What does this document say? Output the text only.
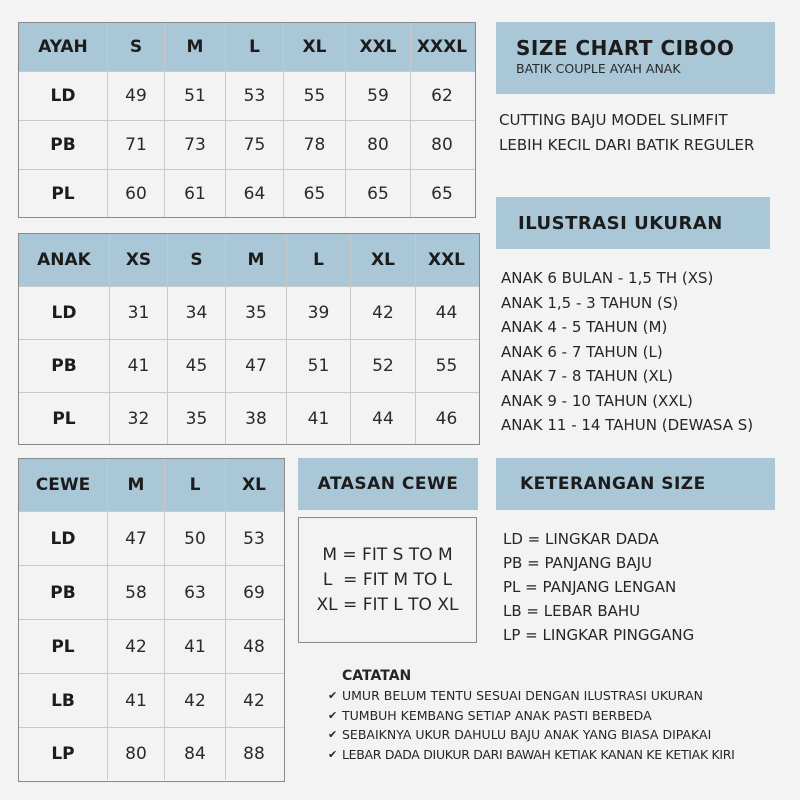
AYAH	S	M	L	XL	XXL	XXXL
LD	49	51	53	55	59	62
PB	71	73	75	78	80	80
PL	60	61	64	65	65	65
ANAK	XS	S	M	L	XL	XXL
LD	31	34	35	39	42	44
PB	41	45	47	51	52	55
PL	32	35	38	41	44	46
CEWE	M	L	XL
LD	47	50	53
PB	58	63	69
PL	42	41	48
LB	41	42	42
LP	80	84	88
SIZE CHART CIBOO
BATIK COUPLE AYAH ANAK
CUTTING BAJU MODEL SLIMFIT
LEBIH KECIL DARI BATIK REGULER
ILUSTRASI UKURAN
ANAK 6 BULAN - 1,5 TH (XS)
ANAK 1,5 - 3 TAHUN (S)
ANAK 4 - 5 TAHUN (M)
ANAK 6 - 7 TAHUN (L)
ANAK 7 - 8 TAHUN (XL)
ANAK 9 - 10 TAHUN (XXL)
ANAK 11 - 14 TAHUN (DEWASA S)
ATASAN CEWE
M = FIT S TO M
L  = FIT M TO L
XL = FIT L TO XL
KETERANGAN SIZE
LD = LINGKAR DADA
PB = PANJANG BAJU
PL = PANJANG LENGAN
LB = LEBAR BAHU
LP = LINGKAR PINGGANG
CATATAN
✔ UMUR BELUM TENTU SESUAI DENGAN ILUSTRASI UKURAN
✔ TUMBUH KEMBANG SETIAP ANAK PASTI BERBEDA
✔ SEBAIKNYA UKUR DAHULU BAJU ANAK YANG BIASA DIPAKAI
✔ LEBAR DADA DIUKUR DARI BAWAH KETIAK KANAN KE KETIAK KIRI
